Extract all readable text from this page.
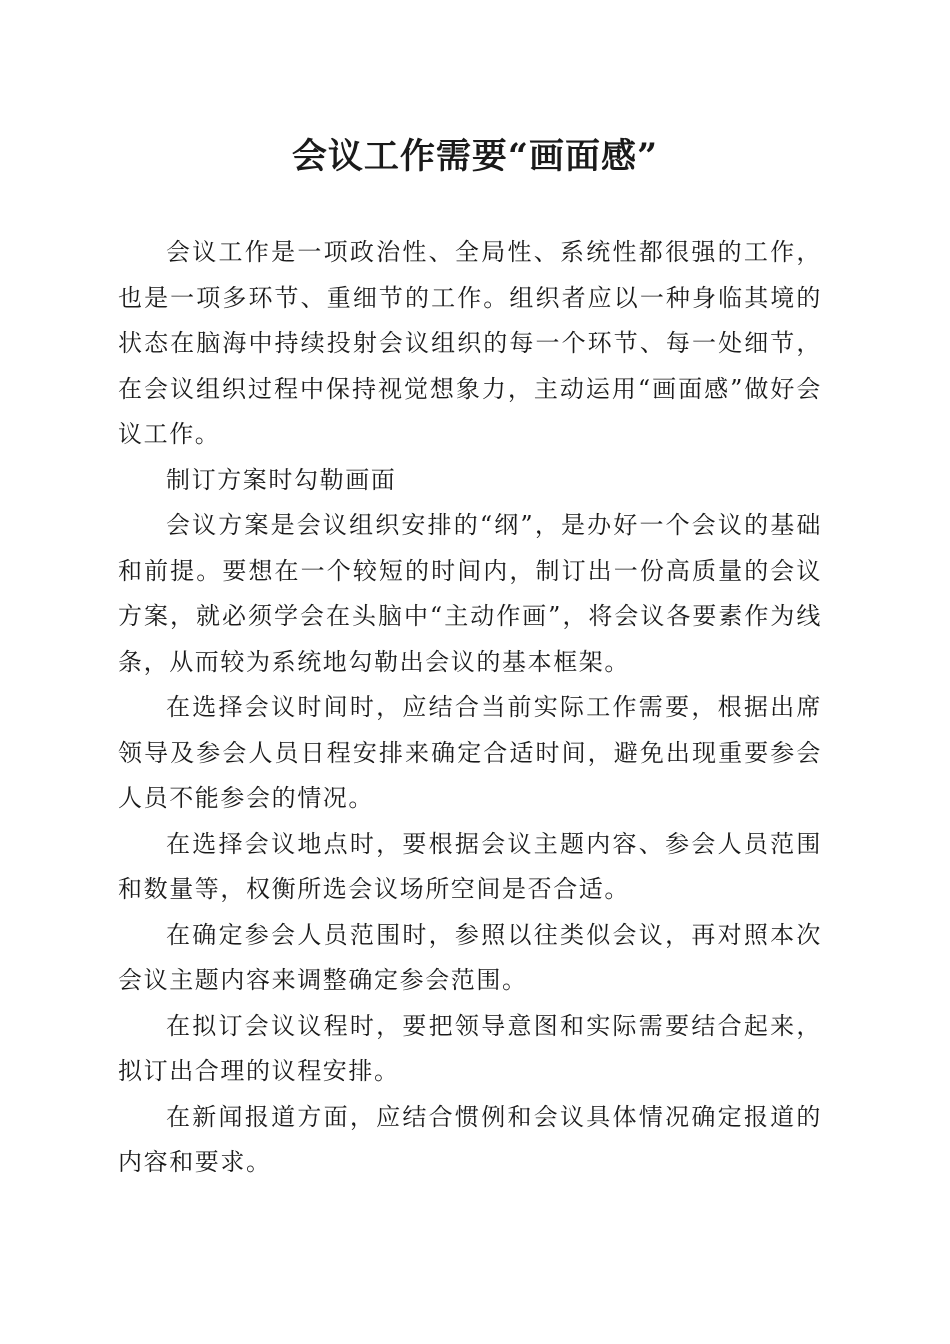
会议工作需要“画面感”

会议工作是一项政治性、全局性、系统性都很强的工作，也是一项多环节、重细节的工作。组织者应以一种身临其境的状态在脑海中持续投射会议组织的每一个环节、每一处细节，在会议组织过程中保持视觉想象力，主动运用“画面感”做好会议工作。

制订方案时勾勒画面

会议方案是会议组织安排的“纲”，是办好一个会议的基础和前提。要想在一个较短的时间内，制订出一份高质量的会议方案，就必须学会在头脑中“主动作画”，将会议各要素作为线条，从而较为系统地勾勒出会议的基本框架。

在选择会议时间时，应结合当前实际工作需要，根据出席领导及参会人员日程安排来确定合适时间，避免出现重要参会人员不能参会的情况。

在选择会议地点时，要根据会议主题内容、参会人员范围和数量等，权衡所选会议场所空间是否合适。

在确定参会人员范围时，参照以往类似会议，再对照本次会议主题内容来调整确定参会范围。

在拟订会议议程时，要把领导意图和实际需要结合起来，拟订出合理的议程安排。

在新闻报道方面，应结合惯例和会议具体情况确定报道的内容和要求。
